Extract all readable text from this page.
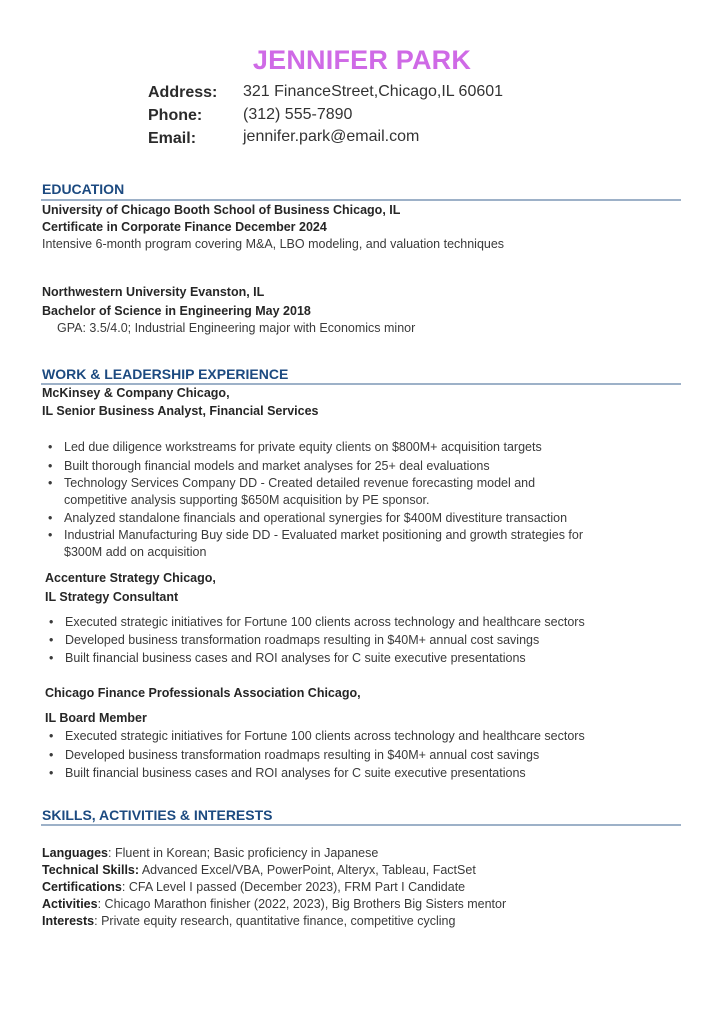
JENNIFER PARK
Address: 321 FinanceStreet,Chicago,IL 60601
Phone:	(312) 555-7890
Email:	jennifer.park@email.com
EDUCATION
University of Chicago Booth School of Business Chicago, IL
Certificate in Corporate Finance December 2024
Intensive 6-month program covering M&A, LBO modeling, and valuation techniques
Northwestern University Evanston, IL
Bachelor of Science in Engineering May 2018
GPA: 3.5/4.0; Industrial Engineering major with Economics minor
WORK & LEADERSHIP EXPERIENCE
McKinsey & Company Chicago,
IL Senior Business Analyst, Financial Services
• Led due diligence workstreams for private equity clients on $800M+ acquisition targets
• Built thorough financial models and market analyses for 25+ deal evaluations
• Technology Services Company DD - Created detailed revenue forecasting model and
competitive analysis supporting $650M acquisition by PE sponsor.
• Analyzed standalone financials and operational synergies for $400M divestiture transaction
• Industrial Manufacturing Buy side DD - Evaluated market positioning and growth strategies for
$300M add on acquisition
Accenture Strategy Chicago,
IL Strategy Consultant
• Executed strategic initiatives for Fortune 100 clients across technology and healthcare sectors
• Developed business transformation roadmaps resulting in $40M+ annual cost savings
• Built financial business cases and ROI analyses for C suite executive presentations
Chicago Finance Professionals Association Chicago,
IL Board Member
• Executed strategic initiatives for Fortune 100 clients across technology and healthcare sectors
• Developed business transformation roadmaps resulting in $40M+ annual cost savings
• Built financial business cases and ROI analyses for C suite executive presentations
SKILLS, ACTIVITIES & INTERESTS
Languages: Fluent in Korean; Basic proficiency in Japanese
Technical Skills: Advanced Excel/VBA, PowerPoint, Alteryx, Tableau, FactSet
Certifications: CFA Level I passed (December 2023), FRM Part I Candidate
Activities: Chicago Marathon finisher (2022, 2023), Big Brothers Big Sisters mentor
Interests: Private equity research, quantitative finance, competitive cycling
